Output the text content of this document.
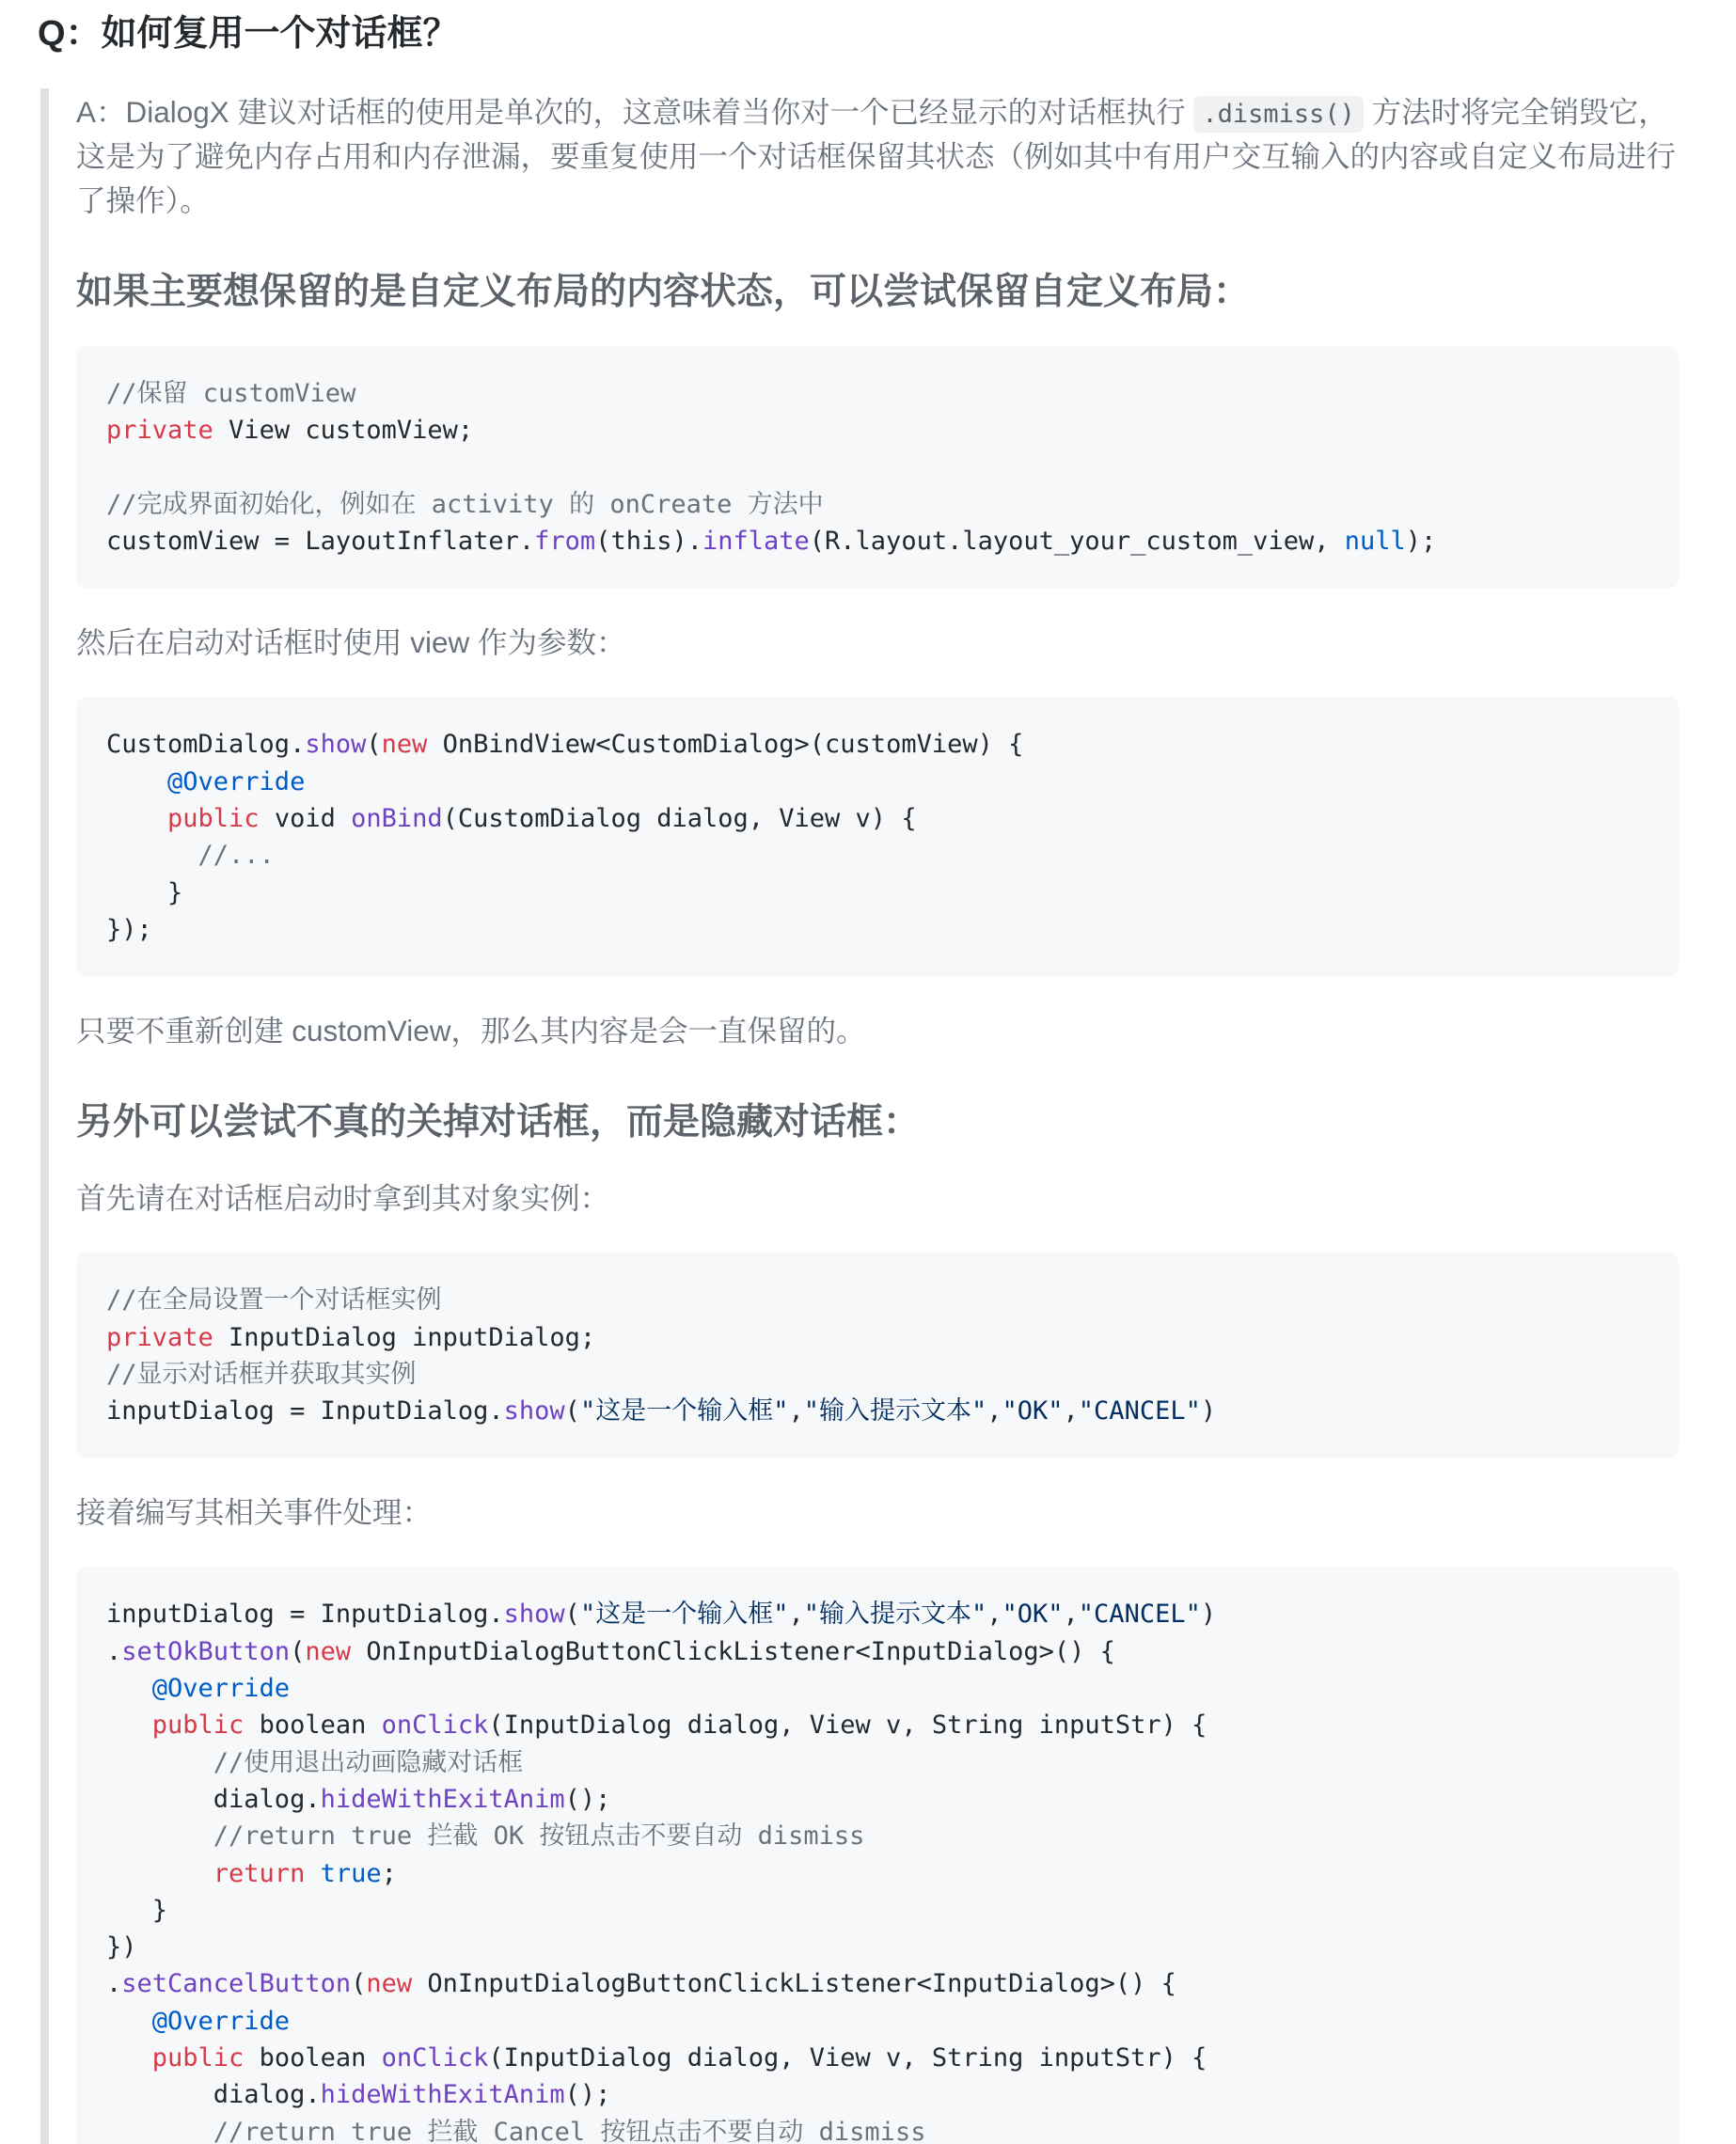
Q：如何复用一个对话框？

A：DialogX 建议对话框的使用是单次的，这意味着当你对一个已经显示的对话框执行 .dismiss() 方法时将完全销毁它，这是为了避免内存占用和内存泄漏，要重复使用一个对话框保留其状态（例如其中有用户交互输入的内容或自定义布局进行了操作）。

如果主要想保留的是自定义布局的内容状态，可以尝试保留自定义布局：
//保留 customView
private View customView;
//完成界面初始化，例如在 activity 的 onCreate 方法中
customView = LayoutInflater.from(this).inflate(R.layout.layout_your_custom_view, null);

然后在启动对话框时使用 view 作为参数：

CustomDialog.show(new OnBindView<CustomDialog>(customView) {
@Override
public void onBind(CustomDialog dialog, View v) {
//...
}
});

只要不重新创建 customView，那么其内容是会一直保留的。

另外可以尝试不真的关掉对话框，而是隐藏对话框：

首先请在对话框启动时拿到其对象实例：

//在全局设置一个对话框实例
private InputDialog inputDialog;
//显示对话框并获取其实例
inputDialog = InputDialog.show("这是一个输入框","输入提示文本","OK","CANCEL")

接着编写其相关事件处理：

inputDialog = InputDialog.show("这是一个输入框","输入提示文本","OK","CANCEL")
.setOkButton(new OnInputDialogButtonClickListener<InputDialog>() {
@Override
public boolean onClick(InputDialog dialog, View v, String inputStr) {
//使用退出动画隐藏对话框
dialog.hideWithExitAnim();
//return true 拦截 OK 按钮点击不要自动 dismiss
return true;
}
})
.setCancelButton(new OnInputDialogButtonClickListener<InputDialog>() {
@Override
public boolean onClick(InputDialog dialog, View v, String inputStr) {
dialog.hideWithExitAnim();
//return true 拦截 Cancel 按钮点击不要自动 dismiss
